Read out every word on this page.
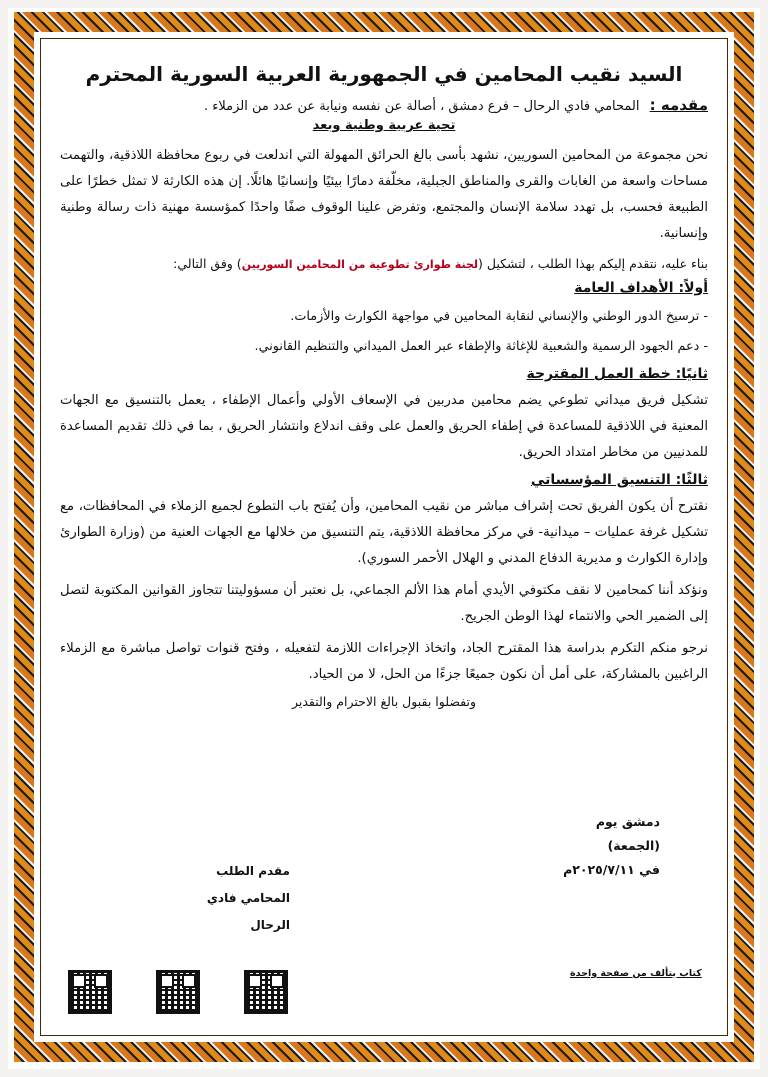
السيد نقيب المحامين في الجمهورية العربية السورية المحترم
مقدمه : المحامي فادي الرحال – فرع دمشق ، أصالة عن نفسه ونيابة عن عدد من الزملاء .
تحية عربية وطنية وبعد

نحن مجموعة من المحامين السوريين، نشهد بأسى بالغ الحرائق المهولة التي اندلعت في ربوع محافظة اللاذقية، والتهمت مساحات واسعة من الغابات والقرى والمناطق الجبلية، مخلّفة دمارًا بيئيًا وإنسانيًا هائلًا. إن هذه الكارثة لا تمثل خطرًا على الطبيعة فحسب، بل تهدد سلامة الإنسان والمجتمع، وتفرض علينا الوقوف صفًا واحدًا كمؤسسة مهنية ذات رسالة وطنية وإنسانية.

بناء عليه، نتقدم إليكم بهذا الطلب ، لتشكيل (لجنة طوارئ تطوعية من المحامين السوريين) وفق التالي:

أولاً: الأهداف العامة

- ترسيخ الدور الوطني والإنساني لنقابة المحامين في مواجهة الكوارث والأزمات.

- دعم الجهود الرسمية والشعبية للإغاثة والإطفاء عبر العمل الميداني والتنظيم القانوني.

ثانيًا: خطة العمل المقترحة

تشكيل فريق ميداني تطوعي يضم محامين مدربين في الإسعاف الأولي وأعمال الإطفاء ، يعمل بالتنسيق مع الجهات المعنية في اللاذقية للمساعدة في إطفاء الحريق والعمل على وقف اندلاع وانتشار الحريق ، بما في ذلك تقديم المساعدة للمدنيين من مخاطر امتداد الحريق.

ثالثًا: التنسيق المؤسساتي

نقترح أن يكون الفريق تحت إشراف مباشر من نقيب المحامين، وأن يُفتح باب التطوع لجميع الزملاء في المحافظات، مع تشكيل غرفة عمليات – ميدانية- في مركز محافظة اللاذقية، يتم التنسيق من خلالها مع الجهات العنية من (وزارة الطوارئ وإدارة الكوارث و مديرية الدفاع المدني و الهلال الأحمر السوري).

ونؤكد أننا كمحامين لا نقف مكتوفي الأيدي أمام هذا الألم الجماعي، بل نعتبر أن مسؤوليتنا تتجاوز القوانين المكتوبة لتصل إلى الضمير الحي والانتماء لهذا الوطن الجريح.

نرجو منكم التكرم بدراسة هذا المقترح الجاد، واتخاذ الإجراءات اللازمة لتفعيله ، وفتح قنوات تواصل مباشرة مع الزملاء الراغبين بالمشاركة، على أمل أن نكون جميعًا جزءًا من الحل، لا من الحياد.

وتفضلوا بقبول بالغ الاحترام والتقدير
دمشق يوم (الجمعة)
في ٢٠٢٥/٧/١١م
مقدم الطلب
المحامي فادي الرحال
كتاب يتألف من صفحة واحدة
